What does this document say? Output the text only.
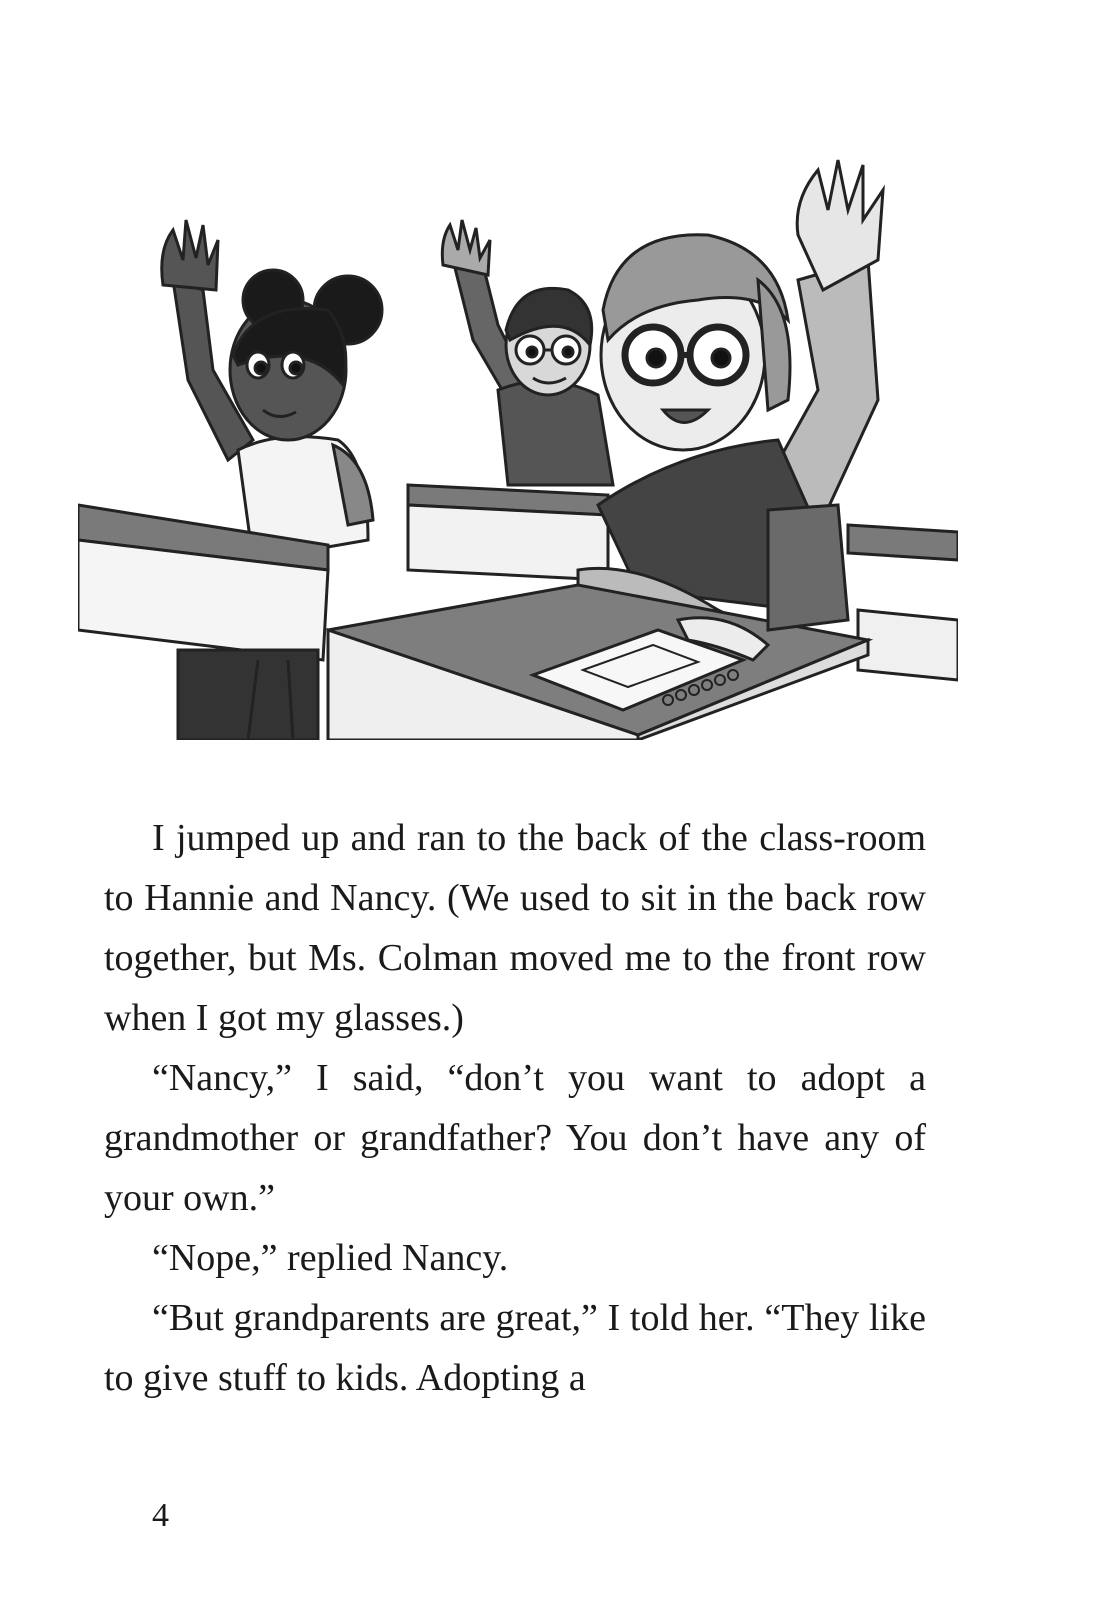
I jumped up and ran to the back of the class-room to Hannie and Nancy. (We used to sit in the back row together, but Ms. Colman moved me to the front row when I got my glasses.)

“Nancy,” I said, “don’t you want to adopt a grandmother or grandfather? You don’t have any of your own.”

“Nope,” replied Nancy.

“But grandparents are great,” I told her. “They like to give stuff to kids. Adopting a

4
